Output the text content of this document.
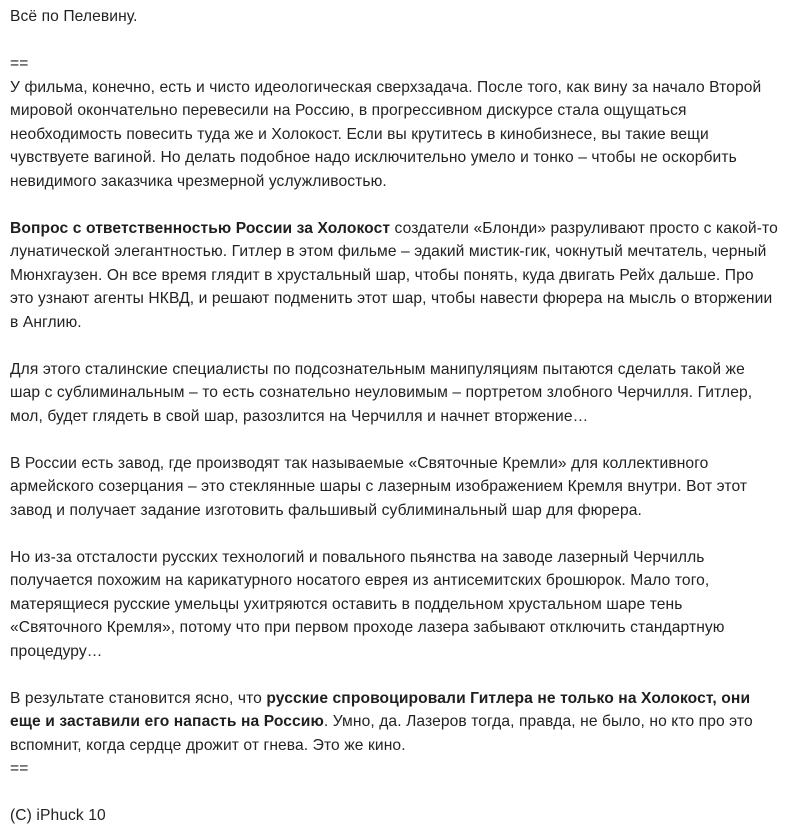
Всё по Пелевину.

==

У фильма, конечно, есть и чисто идеологическая сверхзадача. После того, как вину за начало Второй мировой окончательно перевесили на Россию, в прогрессивном дискурсе стала ощущаться необходимость повесить туда же и Холокост. Если вы крутитесь в кинобизнесе, вы такие вещи чувствуете вагиной. Но делать подобное надо исключительно умело и тонко – чтобы не оскорбить невидимого заказчика чрезмерной услужливостью.

Вопрос с ответственностью России за Холокост создатели «Блонди» разруливают просто с какой-то лунатической элегантностью. Гитлер в этом фильме – эдакий мистик-гик, чокнутый мечтатель, черный Мюнхгаузен. Он все время глядит в хрустальный шар, чтобы понять, куда двигать Рейх дальше. Про это узнают агенты НКВД, и решают подменить этот шар, чтобы навести фюрера на мысль о вторжении в Англию.

Для этого сталинские специалисты по подсознательным манипуляциям пытаются сделать такой же шар с сублиминальным – то есть сознательно неуловимым – портретом злобного Черчилля. Гитлер, мол, будет глядеть в свой шар, разозлится на Черчилля и начнет вторжение…

В России есть завод, где производят так называемые «Святочные Кремли» для коллективного армейского созерцания – это стеклянные шары с лазерным изображением Кремля внутри. Вот этот завод и получает задание изготовить фальшивый сублиминальный шар для фюрера.

Но из-за отсталости русских технологий и повального пьянства на заводе лазерный Черчилль получается похожим на карикатурного носатого еврея из антисемитских брошюрок. Мало того, матерящиеся русские умельцы ухитряются оставить в поддельном хрустальном шаре тень «Святочного Кремля», потому что при первом проходе лазера забывают отключить стандартную процедуру…

В результате становится ясно, что русские спровоцировали Гитлера не только на Холокост, они еще и заставили его напасть на Россию. Умно, да. Лазеров тогда, правда, не было, но кто про это вспомнит, когда сердце дрожит от гнева. Это же кино.

==

(C) iPhuck 10
